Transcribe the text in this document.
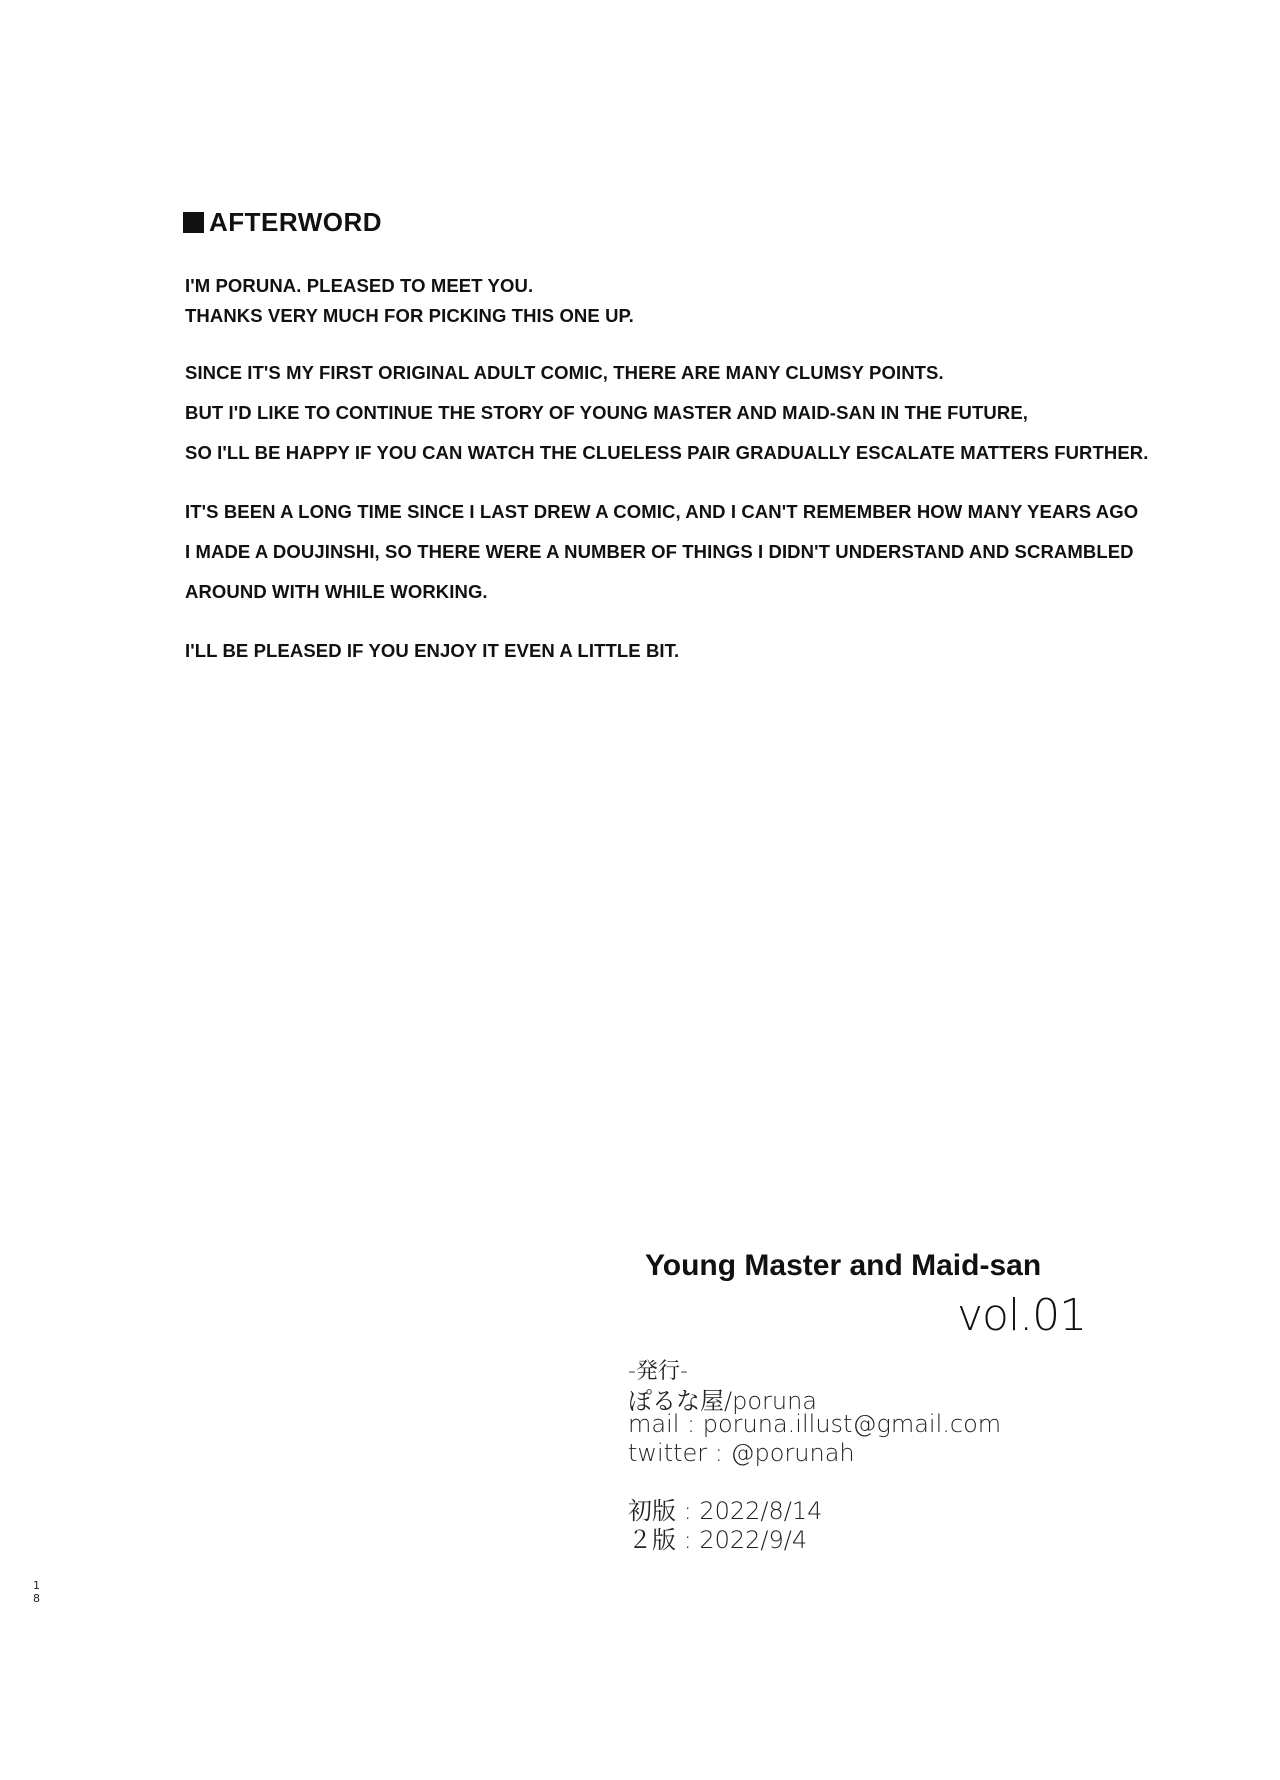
AFTERWORD
I'M PORUNA. PLEASED TO MEET YOU.
THANKS VERY MUCH FOR PICKING THIS ONE UP.
SINCE IT'S MY FIRST ORIGINAL ADULT COMIC, THERE ARE MANY CLUMSY POINTS.
BUT I'D LIKE TO CONTINUE THE STORY OF YOUNG MASTER AND MAID-SAN IN THE FUTURE,
SO I'LL BE HAPPY IF YOU CAN WATCH THE CLUELESS PAIR GRADUALLY ESCALATE MATTERS FURTHER.
IT'S BEEN A LONG TIME SINCE I LAST DREW A COMIC, AND I CAN'T REMEMBER HOW MANY YEARS AGO
I MADE A DOUJINSHI, SO THERE WERE A NUMBER OF THINGS I DIDN'T UNDERSTAND AND SCRAMBLED
AROUND WITH WHILE WORKING.
I'LL BE PLEASED IF YOU ENJOY IT EVEN A LITTLE BIT.
Young Master and Maid-san
vol.01
-発行-
ぽるな屋/poruna
mail : poruna.illust@gmail.com
twitter : @porunah
初版 : 2022/8/14
２版 : 2022/9/4
1
8
